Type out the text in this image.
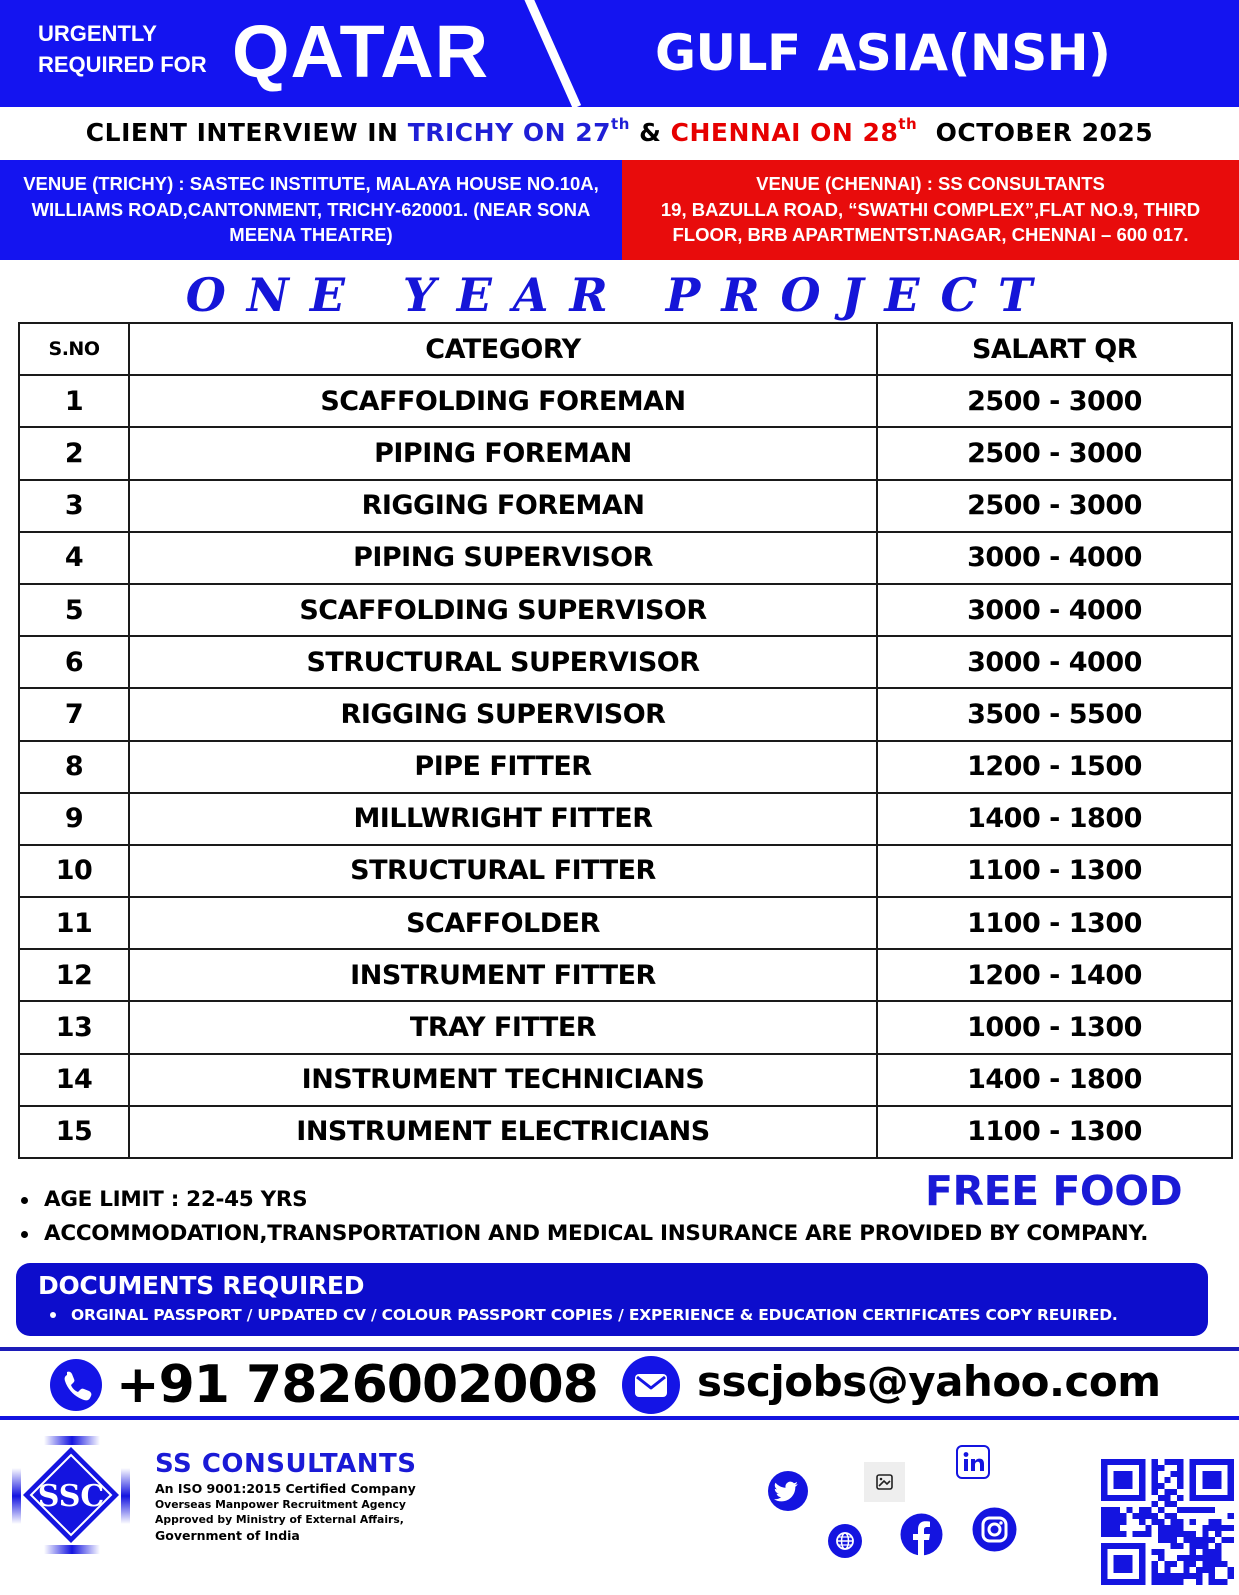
URGENTLY
REQUIRED FOR QATAR	GULF ASIA(NSH)
CLIENT INTERVIEW IN TRICHY ON 27th & CHENNAI ON 28th  OCTOBER 2025
VENUE (TRICHY) : SASTEC INSTITUTE, MALAYA HOUSE NO.10A,
WILLIAMS ROAD,CANTONMENT, TRICHY-620001. (NEAR SONA
MEENA THEATRE)
VENUE (CHENNAI) : SS CONSULTANTS
19, BAZULLA ROAD, “SWATHI COMPLEX”,FLAT NO.9, THIRD
FLOOR, BRB APARTMENTST.NAGAR, CHENNAI – 600 017.
ONE YEAR PROJECT
S.NO	CATEGORY	SALART QR
1	SCAFFOLDING FOREMAN	2500 - 3000
2	PIPING FOREMAN	2500 - 3000
3	RIGGING FOREMAN	2500 - 3000
4	PIPING SUPERVISOR	3000 - 4000
5	SCAFFOLDING SUPERVISOR	3000 - 4000
6	STRUCTURAL SUPERVISOR	3000 - 4000
7	RIGGING SUPERVISOR	3500 - 5500
8	PIPE FITTER	1200 - 1500
9	MILLWRIGHT FITTER	1400 - 1800
10	STRUCTURAL FITTER	1100 - 1300
11	SCAFFOLDER	1100 - 1300
12	INSTRUMENT FITTER	1200 - 1400
13	TRAY FITTER	1000 - 1300
14	INSTRUMENT TECHNICIANS	1400 - 1800
15	INSTRUMENT ELECTRICIANS	1100 - 1300
AGE LIMIT : 22-45 YRS
ACCOMMODATION,TRANSPORTATION AND MEDICAL INSURANCE ARE PROVIDED BY COMPANY.
FREE FOOD
DOCUMENTS REQUIRED
ORGINAL PASSPORT / UPDATED CV / COLOUR PASSPORT COPIES / EXPERIENCE & EDUCATION CERTIFICATES COPY REUIRED.
+91 7826002008 sscjobs@yahoo.com
SSC
SS CONSULTANTS
An ISO 9001:2015 Certified Company
Overseas Manpower Recruitment Agency
Approved by Ministry of External Affairs,
Government of India
